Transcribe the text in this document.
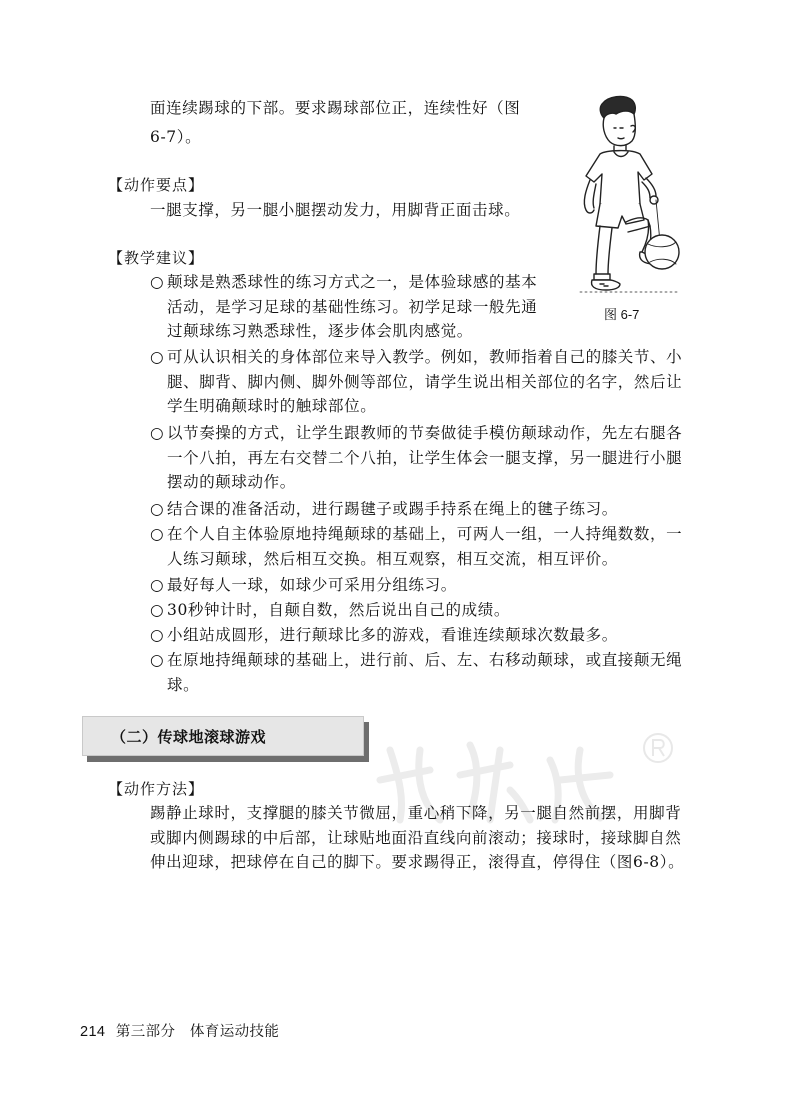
面连续踢球的下部。要求踢球部位正，连续性好（图
6-7）。
图 6-7
【动作要点】
一腿支撑，另一腿小腿摆动发力，用脚背正面击球。
【教学建议】
○ 颠球是熟悉球性的练习方式之一，是体验球感的基本活动，是学习足球的基础性练习。初学足球一般先通过颠球练习熟悉球性，逐步体会肌肉感觉。
○ 可从认识相关的身体部位来导入教学。例如，教师指着自己的膝关节、小腿、脚背、脚内侧、脚外侧等部位，请学生说出相关部位的名字，然后让学生明确颠球时的触球部位。
○ 以节奏操的方式，让学生跟教师的节奏做徒手模仿颠球动作，先左右腿各一个八拍，再左右交替二个八拍，让学生体会一腿支撑，另一腿进行小腿摆动的颠球动作。
○ 结合课的准备活动，进行踢毽子或踢手持系在绳上的毽子练习。
○ 在个人自主体验原地持绳颠球的基础上，可两人一组，一人持绳数数，一人练习颠球，然后相互交换。相互观察，相互交流，相互评价。
○ 最好每人一球，如球少可采用分组练习。
○ 30秒钟计时，自颠自数，然后说出自己的成绩。
○ 小组站成圆形，进行颠球比多的游戏，看谁连续颠球次数最多。
○ 在原地持绳颠球的基础上，进行前、后、左、右移动颠球，或直接颠无绳球。
（二）传球地滚球游戏
【动作方法】
踢静止球时，支撑腿的膝关节微屈，重心稍下降，另一腿自然前摆，用脚背或脚内侧踢球的中后部，让球贴地面沿直线向前滚动；接球时，接球脚自然伸出迎球，把球停在自己的脚下。要求踢得正，滚得直，停得住（图6-8）。
214 第三部分 体育运动技能
